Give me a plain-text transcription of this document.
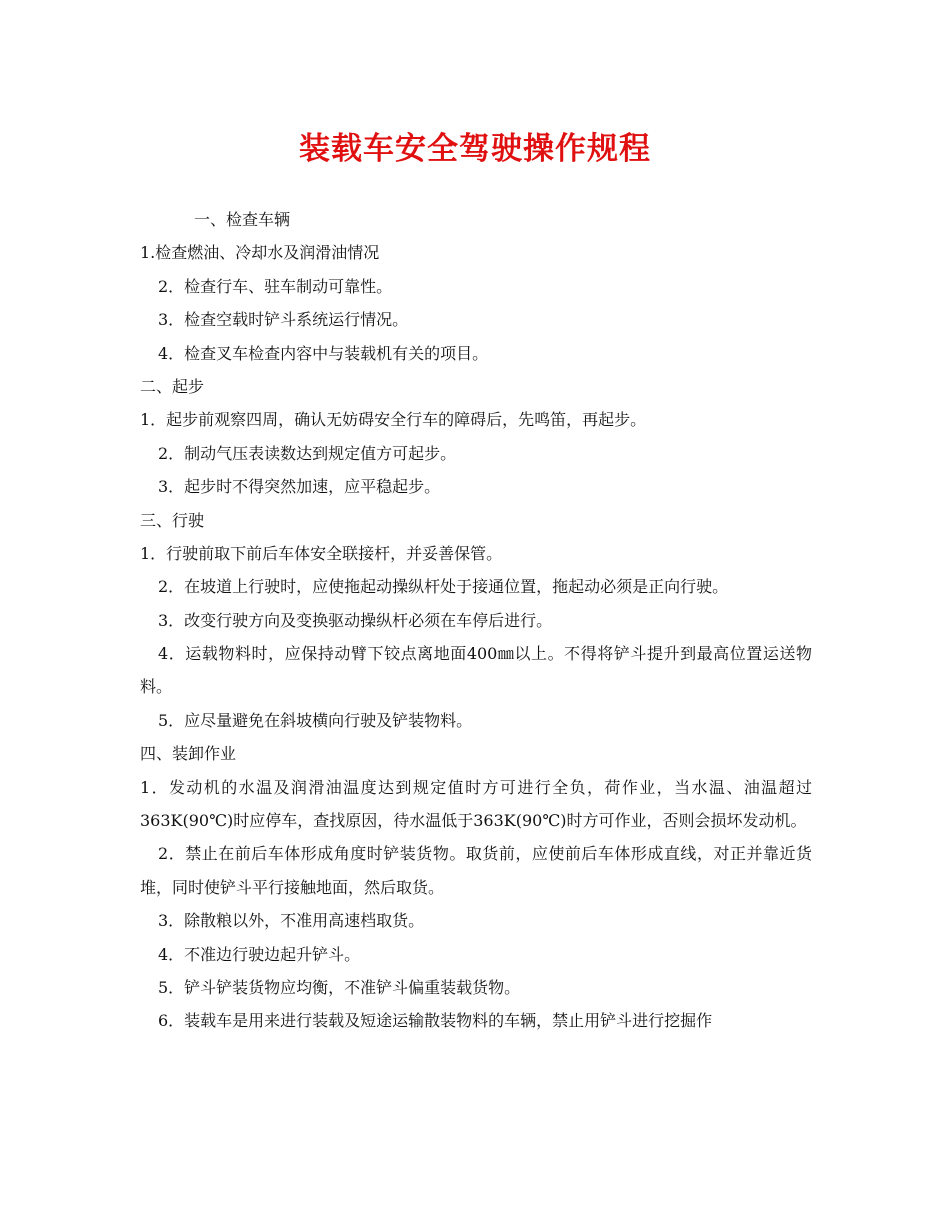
装载车安全驾驶操作规程
一、检查车辆
1.检查燃油、冷却水及润滑油情况
2．检查行车、驻车制动可靠性。
3．检查空载时铲斗系统运行情况。
4．检查叉车检查内容中与装载机有关的项目。
二、起步
1．起步前观察四周，确认无妨碍安全行车的障碍后，先鸣笛，再起步。
2．制动气压表读数达到规定值方可起步。
3．起步时不得突然加速，应平稳起步。
三、行驶
1．行驶前取下前后车体安全联接杆，并妥善保管。
2．在坡道上行驶时，应使拖起动操纵杆处于接通位置，拖起动必须是正向行驶。
3．改变行驶方向及变换驱动操纵杆必须在车停后进行。
4．运载物料时，应保持动臂下铰点离地面400㎜以上。不得将铲斗提升到最高位置运送物料。
5．应尽量避免在斜坡横向行驶及铲装物料。
四、装卸作业
1．发动机的水温及润滑油温度达到规定值时方可进行全负，荷作业，当水温、油温超过363K(90℃)时应停车，查找原因，待水温低于363K(90℃)时方可作业，否则会损坏发动机。
2．禁止在前后车体形成角度时铲装货物。取货前，应使前后车体形成直线，对正并靠近货堆，同时使铲斗平行接触地面，然后取货。
3．除散粮以外，不准用高速档取货。
4．不准边行驶边起升铲斗。
5．铲斗铲装货物应均衡，不准铲斗偏重装载货物。
6．装载车是用来进行装载及短途运输散装物料的车辆，禁止用铲斗进行挖掘作
